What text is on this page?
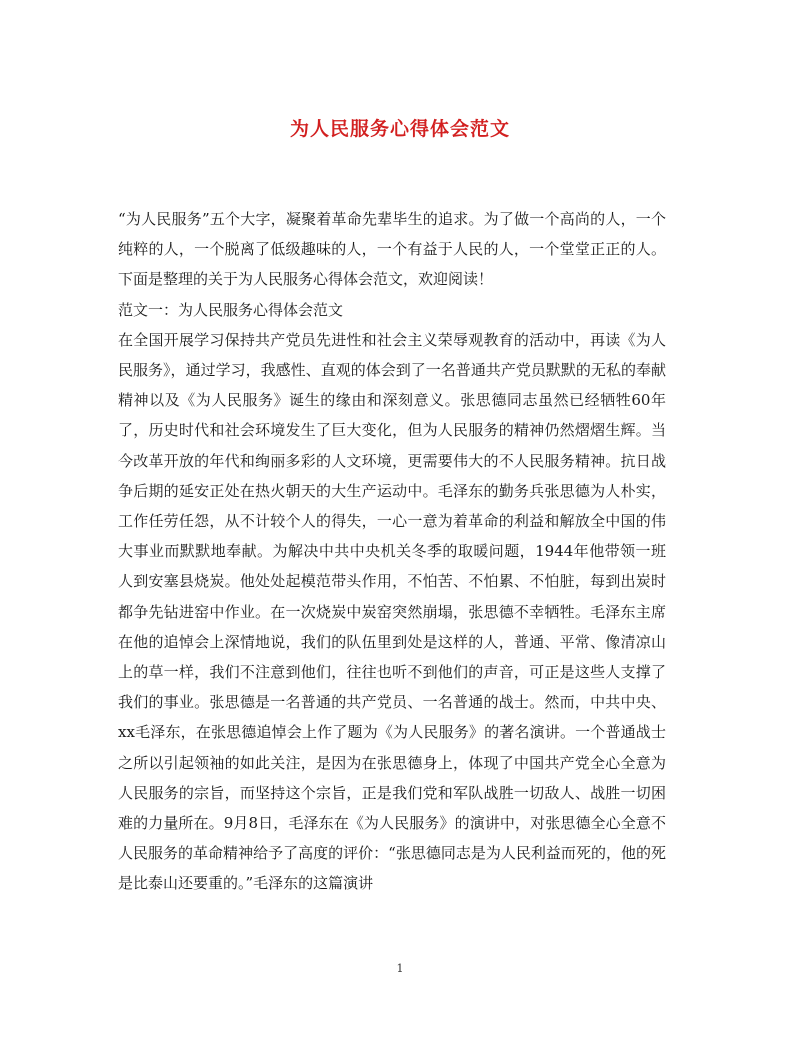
为人民服务心得体会范文

“为人民服务”五个大字，凝聚着革命先辈毕生的追求。为了做一个高尚的人，一个纯粹的人，一个脱离了低级趣味的人，一个有益于人民的人，一个堂堂正正的人。下面是整理的关于为人民服务心得体会范文，欢迎阅读！

范文一：为人民服务心得体会范文

在全国开展学习保持共产党员先进性和社会主义荣辱观教育的活动中，再读《为人民服务》，通过学习，我感性、直观的体会到了一名普通共产党员默默的无私的奉献精神以及《为人民服务》诞生的缘由和深刻意义。张思德同志虽然已经牺牲60年了，历史时代和社会环境发生了巨大变化，但为人民服务的精神仍然熠熠生辉。当今改革开放的年代和绚丽多彩的人文环境，更需要伟大的不人民服务精神。抗日战争后期的延安正处在热火朝天的大生产运动中。毛泽东的勤务兵张思德为人朴实，工作任劳任怨，从不计较个人的得失，一心一意为着革命的利益和解放全中国的伟大事业而默默地奉献。为解决中共中央机关冬季的取暖问题，1944年他带领一班人到安塞县烧炭。他处处起模范带头作用，不怕苦、不怕累、不怕脏，每到出炭时都争先钻进窑中作业。在一次烧炭中炭窑突然崩塌，张思德不幸牺牲。毛泽东主席在他的追悼会上深情地说，我们的队伍里到处是这样的人，普通、平常、像清凉山上的草一样，我们不注意到他们，往往也听不到他们的声音，可正是这些人支撑了我们的事业。张思德是一名普通的共产党员、一名普通的战士。然而，中共中央、xx毛泽东，在张思德追悼会上作了题为《为人民服务》的著名演讲。一个普通战士之所以引起领袖的如此关注，是因为在张思德身上，体现了中国共产党全心全意为人民服务的宗旨，而坚持这个宗旨，正是我们党和军队战胜一切敌人、战胜一切困难的力量所在。9月8日，毛泽东在《为人民服务》的演讲中，对张思德全心全意不人民服务的革命精神给予了高度的评价：“张思德同志是为人民利益而死的，他的死是比泰山还要重的。”毛泽东的这篇演讲

1
